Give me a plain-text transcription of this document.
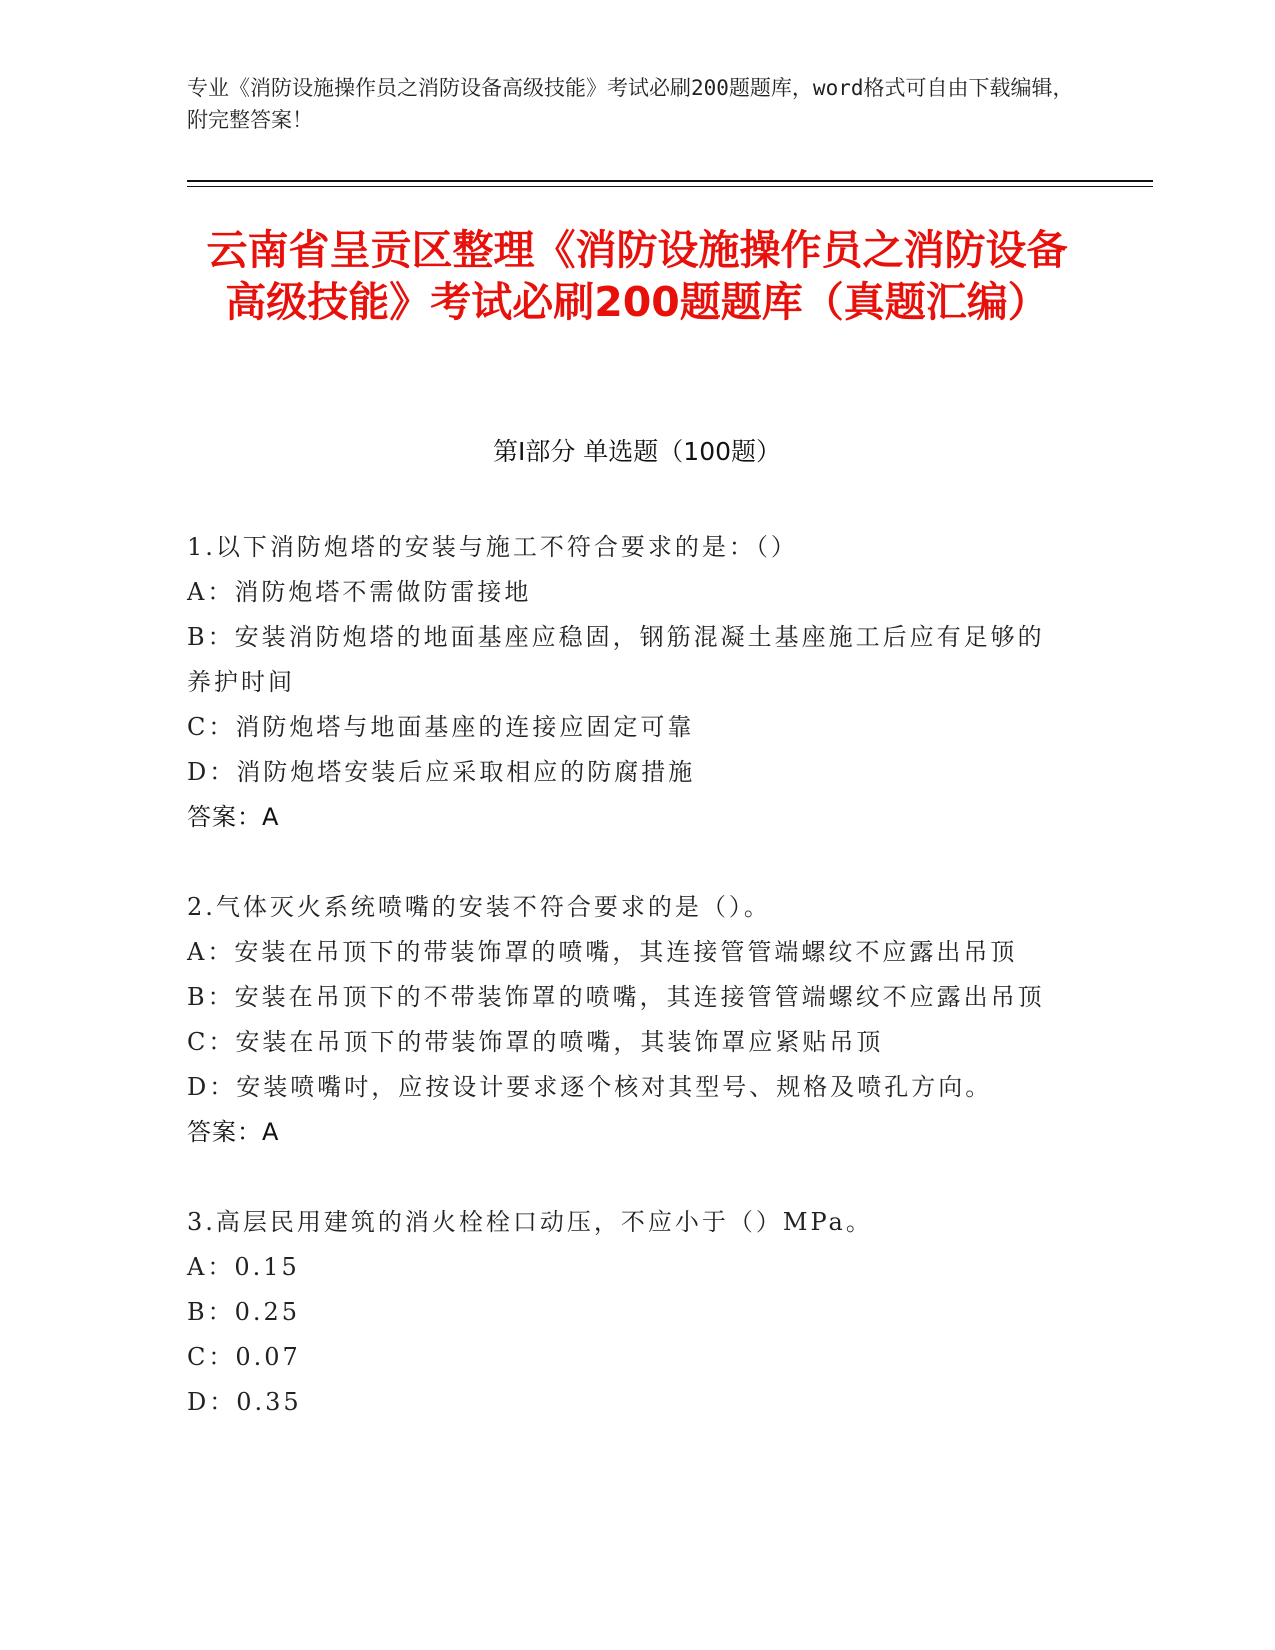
专业《消防设施操作员之消防设备高级技能》考试必刷200题题库，word格式可自由下载编辑，附完整答案！
云南省呈贡区整理《消防设施操作员之消防设备高级技能》考试必刷200题题库（真题汇编）
第Ⅰ部分 单选题（100题）
1.以下消防炮塔的安装与施工不符合要求的是：（）
A：消防炮塔不需做防雷接地
B：安装消防炮塔的地面基座应稳固，钢筋混凝土基座施工后应有足够的养护时间
C：消防炮塔与地面基座的连接应固定可靠
D：消防炮塔安装后应采取相应的防腐措施
答案：A
2.气体灭火系统喷嘴的安装不符合要求的是（）。
A：安装在吊顶下的带装饰罩的喷嘴，其连接管管端螺纹不应露出吊顶
B：安装在吊顶下的不带装饰罩的喷嘴，其连接管管端螺纹不应露出吊顶
C：安装在吊顶下的带装饰罩的喷嘴，其装饰罩应紧贴吊顶
D：安装喷嘴吋，应按设计要求逐个核对其型号、规格及喷孔方向。
答案：A
3.高层民用建筑的消火栓栓口动压，不应小于（）MPa。
A：0.15
B：0.25
C：0.07
D：0.35
